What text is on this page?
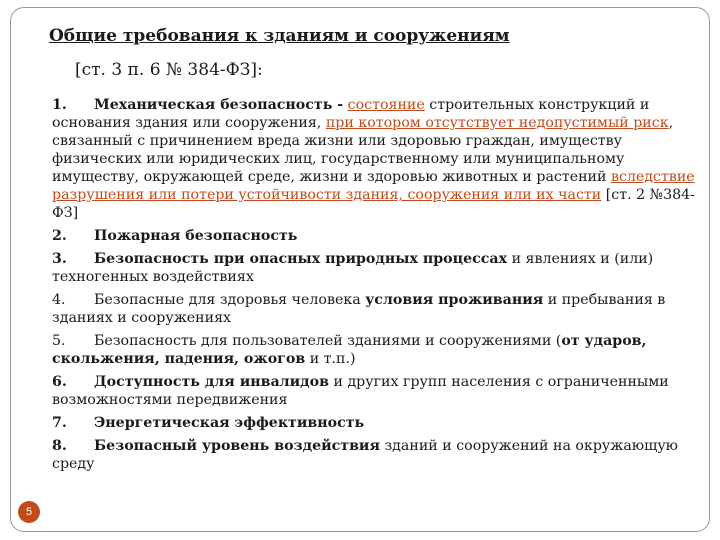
Общие требования к зданиям и сооружениям

[ст. 3 п. 6 № 384-ФЗ]:

1. Механическая безопасность - состояние строительных конструкций и основания здания или сооружения, при котором отсутствует недопустимый риск, связанный с причинением вреда жизни или здоровью граждан, имуществу физических или юридических лиц, государственному или муниципальному имуществу, окружающей среде, жизни и здоровью животных и растений вследствие разрушения или потери устойчивости здания, сооружения или их части [ст. 2 №384-ФЗ]

2. Пожарная безопасность

3. Безопасность при опасных природных процессах и явлениях и (или) техногенных воздействиях

4. Безопасные для здоровья человека условия проживания и пребывания в зданиях и сооружениях

5. Безопасность для пользователей зданиями и сооружениями (от ударов, скольжения, падения, ожогов и т.п.)

6. Доступность для инвалидов и других групп населения с ограниченными возможностями передвижения

7. Энергетическая эффективность

8. Безопасный уровень воздействия зданий и сооружений на окружающую среду

5
